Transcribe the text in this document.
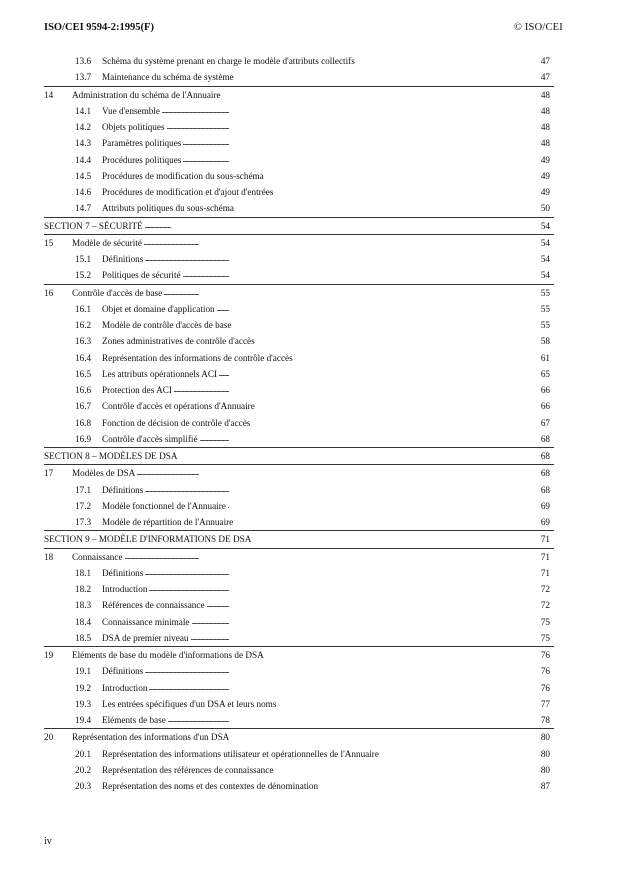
ISO/CEI 9594-2:1995(F)	© ISO/CEI
13.6 Schéma du système prenant en charge le modèle d'attributs collectifs . . .	47
13.7 Maintenance du schéma de système . . .	47
14 Administration du schéma de l'Annuaire . . .	48
14.1 Vue d'ensemble . . .	48
14.2 Objets politiques . . .	48
14.3 Paramètres politiques . . .	48
14.4 Procédures politiques . . .	49
14.5 Procédures de modification du sous-schéma . . .	49
14.6 Procédures de modification et d'ajout d'entrées . . .	49
14.7 Attributs politiques du sous-schéma . . .	50
SECTION 7 – SÉCURITÉ . . .	54
15 Modèle de sécurité . . .	54
15.1 Définitions . . .	54
15.2 Politiques de sécurité . . .	54
16 Contrôle d'accès de base . . .	55
16.1 Objet et domaine d'application . . .	55
16.2 Modèle de contrôle d'accès de base . . .	55
16.3 Zones administratives de contrôle d'accès . . .	58
16.4 Représentation des informations de contrôle d'accès . . .	61
16.5 Les attributs opérationnels ACI . . .	65
16.6 Protection des ACI . . .	66
16.7 Contrôle d'accès et opérations d'Annuaire . . .	66
16.8 Fonction de décision de contrôle d'accès . . .	67
16.9 Contrôle d'accès simplifié . . .	68
SECTION 8 – MODÈLES DE DSA . . .	68
17 Modèles de DSA . . .	68
17.1 Définitions . . .	68
17.2 Modèle fonctionnel de l'Annuaire . . .	69
17.3 Modèle de répartition de l'Annuaire . . .	69
SECTION 9 – MODÈLE D'INFORMATIONS DE DSA . . .	71
18 Connaissance . . .	71
18.1 Définitions . . .	71
18.2 Introduction . . .	72
18.3 Références de connaissance . . .	72
18.4 Connaissance minimale . . .	75
18.5 DSA de premier niveau . . .	75
19 Eléments de base du modèle d'informations de DSA . . .	76
19.1 Définitions . . .	76
19.2 Introduction . . .	76
19.3 Les entrées spécifiques d'un DSA et leurs noms . . .	77
19.4 Eléments de base . . .	78
20 Représentation des informations d'un DSA . . .	80
20.1 Représentation des informations utilisateur et opérationnelles de l'Annuaire . . .	80
20.2 Représentation des références de connaissance . . .	80
20.3 Représentation des noms et des contextes de dénomination . . .	87
iv
